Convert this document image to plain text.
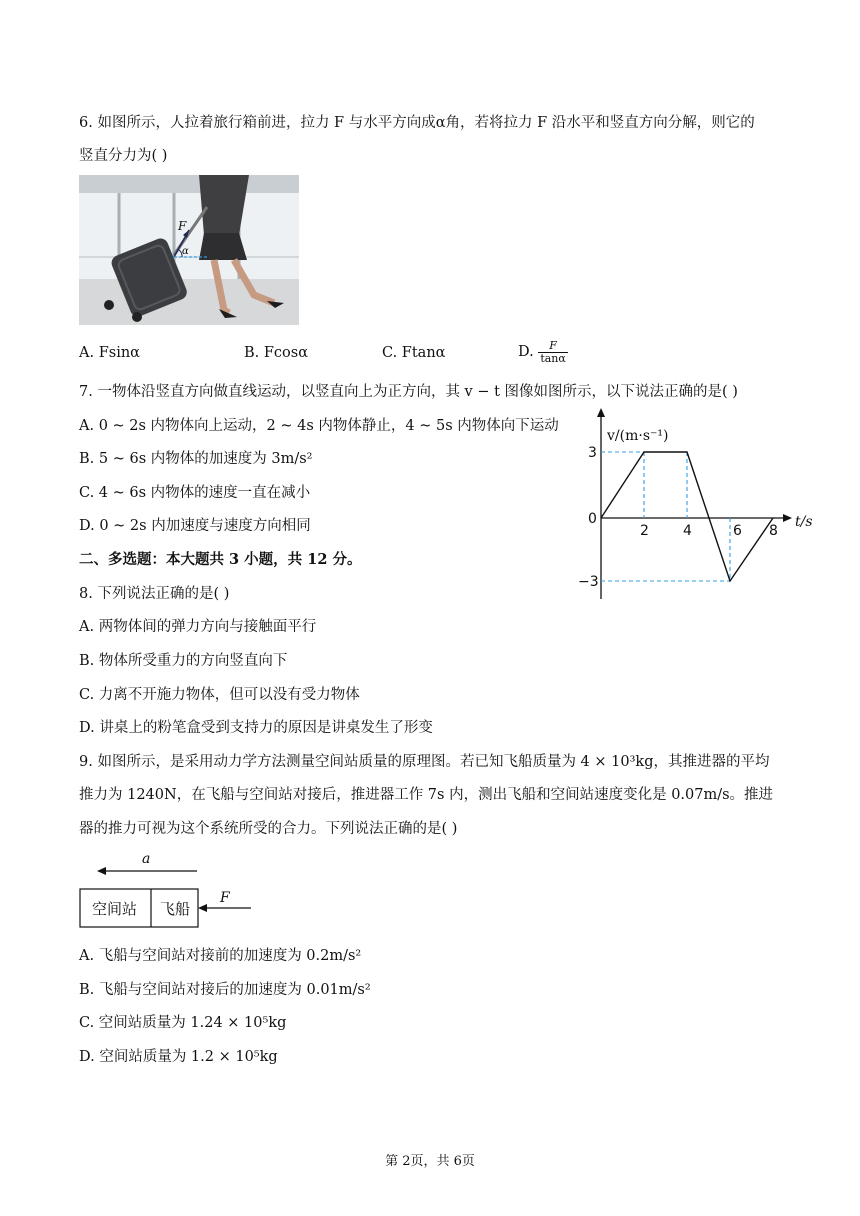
6. 如图所示，人拉着旅行箱前进，拉力 F 与水平方向成α角，若将拉力 F 沿水平和竖直方向分解，则它的
竖直分力为( )
F
α
A. Fsinα	B. Fcosα	C. Ftanα	D. $\frac{F}{\tan\alpha}$
7. 一物体沿竖直方向做直线运动，以竖直向上为正方向，其 v − t 图像如图所示，以下说法正确的是( )
A. 0 ~ 2s 内物体向上运动，2 ~ 4s 内物体静止，4 ~ 5s 内物体向下运动
B. 5 ~ 6s 内物体的加速度为 3m/s²
C. 4 ~ 6s 内物体的速度一直在减小
D. 0 ~ 2s 内加速度与速度方向相同
v/(m·s⁻¹)
t/s
3
−3
0
2 4	6 8
二、多选题：本大题共 3 小题，共 12 分。
8. 下列说法正确的是( )
A. 两物体间的弹力方向与接触面平行
B. 物体所受重力的方向竖直向下
C. 力离不开施力物体，但可以没有受力物体
D. 讲桌上的粉笔盒受到支持力的原因是讲桌发生了形变
9. 如图所示，是采用动力学方法测量空间站质量的原理图。若已知飞船质量为 4 × 10³kg，其推进器的平均
推力为 1240N，在飞船与空间站对接后，推进器工作 7s 内，测出飞船和空间站速度变化是 0.07m/s。推进
器的推力可视为这个系统所受的合力。下列说法正确的是( )
a
空间站 飞船
F
A. 飞船与空间站对接前的加速度为 0.2m/s²
B. 飞船与空间站对接后的加速度为 0.01m/s²
C. 空间站质量为 1.24 × 10⁵kg
D. 空间站质量为 1.2 × 10⁵kg
第 2页，共 6页
